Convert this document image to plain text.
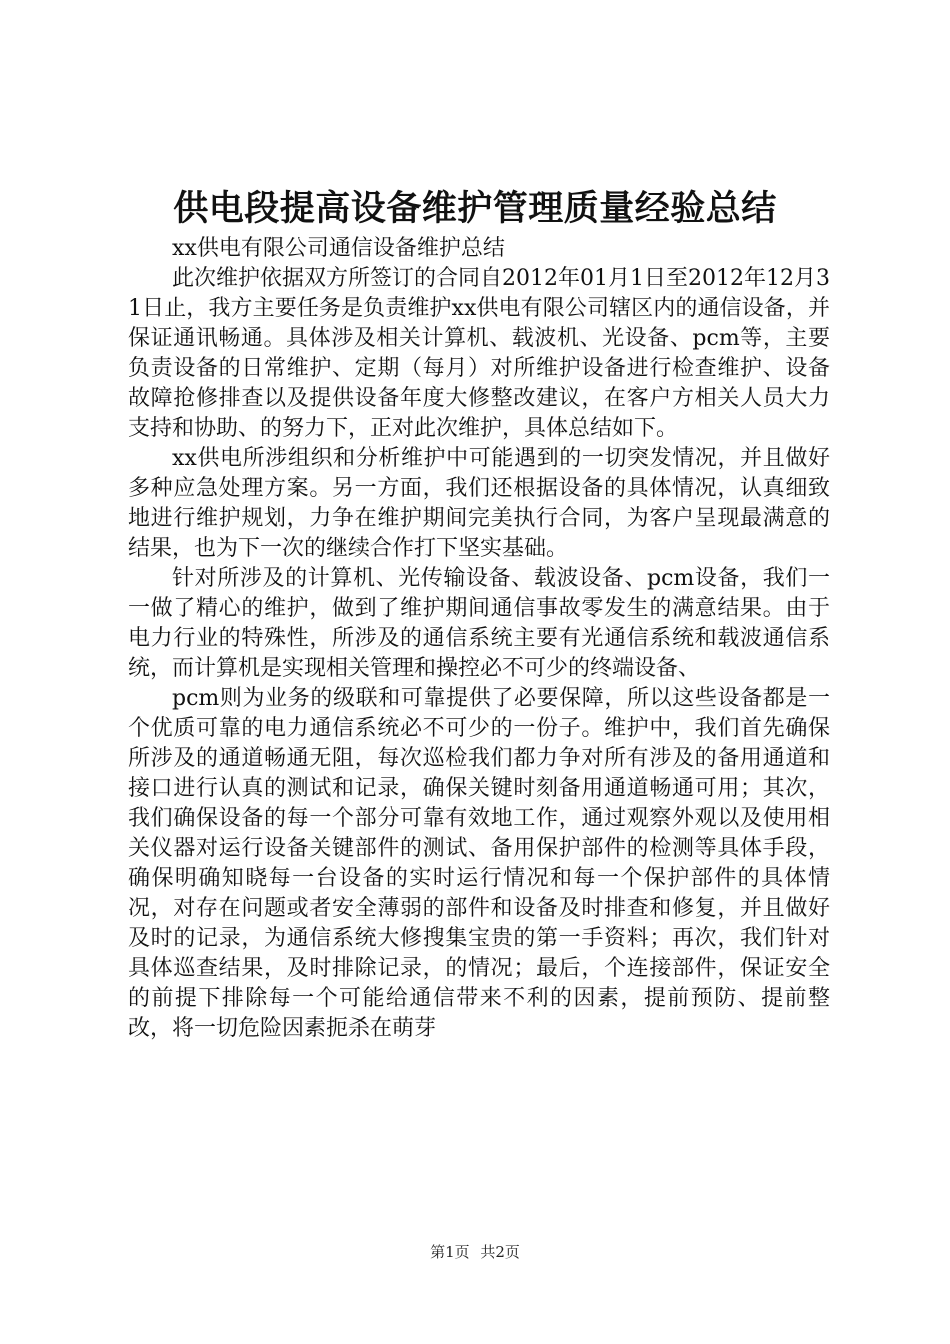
供电段提高设备维护管理质量经验总结

xx供电有限公司通信设备维护总结

此次维护依据双方所签订的合同自2012年01月1日至2012年12月31日止，我方主要任务是负责维护xx供电有限公司辖区内的通信设备，并保证通讯畅通。具体涉及相关计算机、载波机、光设备、pcm等，主要负责设备的日常维护、定期（每月）对所维护设备进行检查维护、设备故障抢修排查以及提供设备年度大修整改建议，在客户方相关人员大力支持和协助、的努力下，正对此次维护，具体总结如下。

xx供电所涉组织和分析维护中可能遇到的一切突发情况，并且做好多种应急处理方案。另一方面，我们还根据设备的具体情况，认真细致地进行维护规划，力争在维护期间完美执行合同，为客户呈现最满意的结果，也为下一次的继续合作打下坚实基础。

针对所涉及的计算机、光传输设备、载波设备、pcm设备，我们一一做了精心的维护，做到了维护期间通信事故零发生的满意结果。由于电力行业的特殊性，所涉及的通信系统主要有光通信系统和载波通信系统，而计算机是实现相关管理和操控必不可少的终端设备、

pcm则为业务的级联和可靠提供了必要保障，所以这些设备都是一个优质可靠的电力通信系统必不可少的一份子。维护中，我们首先确保所涉及的通道畅通无阻，每次巡检我们都力争对所有涉及的备用通道和接口进行认真的测试和记录，确保关键时刻备用通道畅通可用；其次，我们确保设备的每一个部分可靠有效地工作，通过观察外观以及使用相关仪器对运行设备关键部件的测试、备用保护部件的检测等具体手段，确保明确知晓每一台设备的实时运行情况和每一个保护部件的具体情况，对存在问题或者安全薄弱的部件和设备及时排查和修复，并且做好及时的记录，为通信系统大修搜集宝贵的第一手资料；再次，我们针对具体巡查结果，及时排除记录，的情况；最后，个连接部件，保证安全的前提下排除每一个可能给通信带来不利的因素，提前预防、提前整改，将一切危险因素扼杀在萌芽

第1页 共2页
